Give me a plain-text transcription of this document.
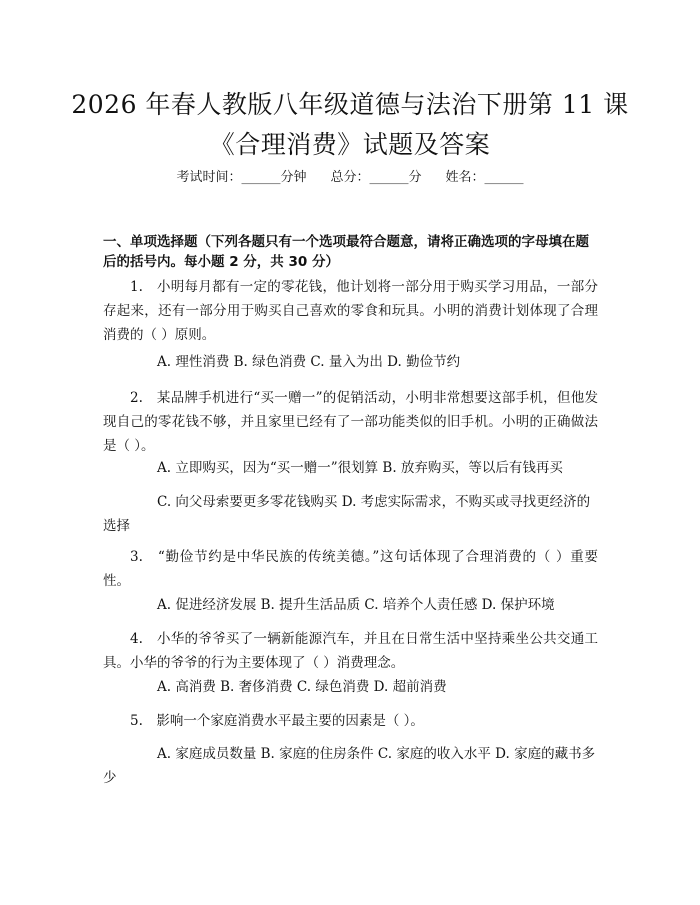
2026 年春人教版八年级道德与法治下册第 11 课《合理消费》试题及答案
考试时间：______分钟 总分：______分 姓名：______
一、单项选择题（下列各题只有一个选项最符合题意，请将正确选项的字母填在题后的括号内。每小题 2 分，共 30 分）
1.　小明每月都有一定的零花钱，他计划将一部分用于购买学习用品，一部分存起来，还有一部分用于购买自己喜欢的零食和玩具。小明的消费计划体现了合理消费的（ ）原则。
A. 理性消费 B. 绿色消费 C. 量入为出 D. 勤俭节约
2.　某品牌手机进行“买一赠一”的促销活动，小明非常想要这部手机，但他发现自己的零花钱不够，并且家里已经有了一部功能类似的旧手机。小明的正确做法是（ ）。
A. 立即购买，因为“买一赠一”很划算 B. 放弃购买，等以后有钱再买
C. 向父母索要更多零花钱购买 D. 考虑实际需求，不购买或寻找更经济的选择
3.　“勤俭节约是中华民族的传统美德。”这句话体现了合理消费的（ ）重要性。
A. 促进经济发展 B. 提升生活品质 C. 培养个人责任感 D. 保护环境
4.　小华的爷爷买了一辆新能源汽车，并且在日常生活中坚持乘坐公共交通工具。小华的爷爷的行为主要体现了（ ）消费理念。
A. 高消费 B. 奢侈消费 C. 绿色消费 D. 超前消费
5.　影响一个家庭消费水平最主要的因素是（ ）。
A. 家庭成员数量 B. 家庭的住房条件 C. 家庭的收入水平 D. 家庭的藏书多少
